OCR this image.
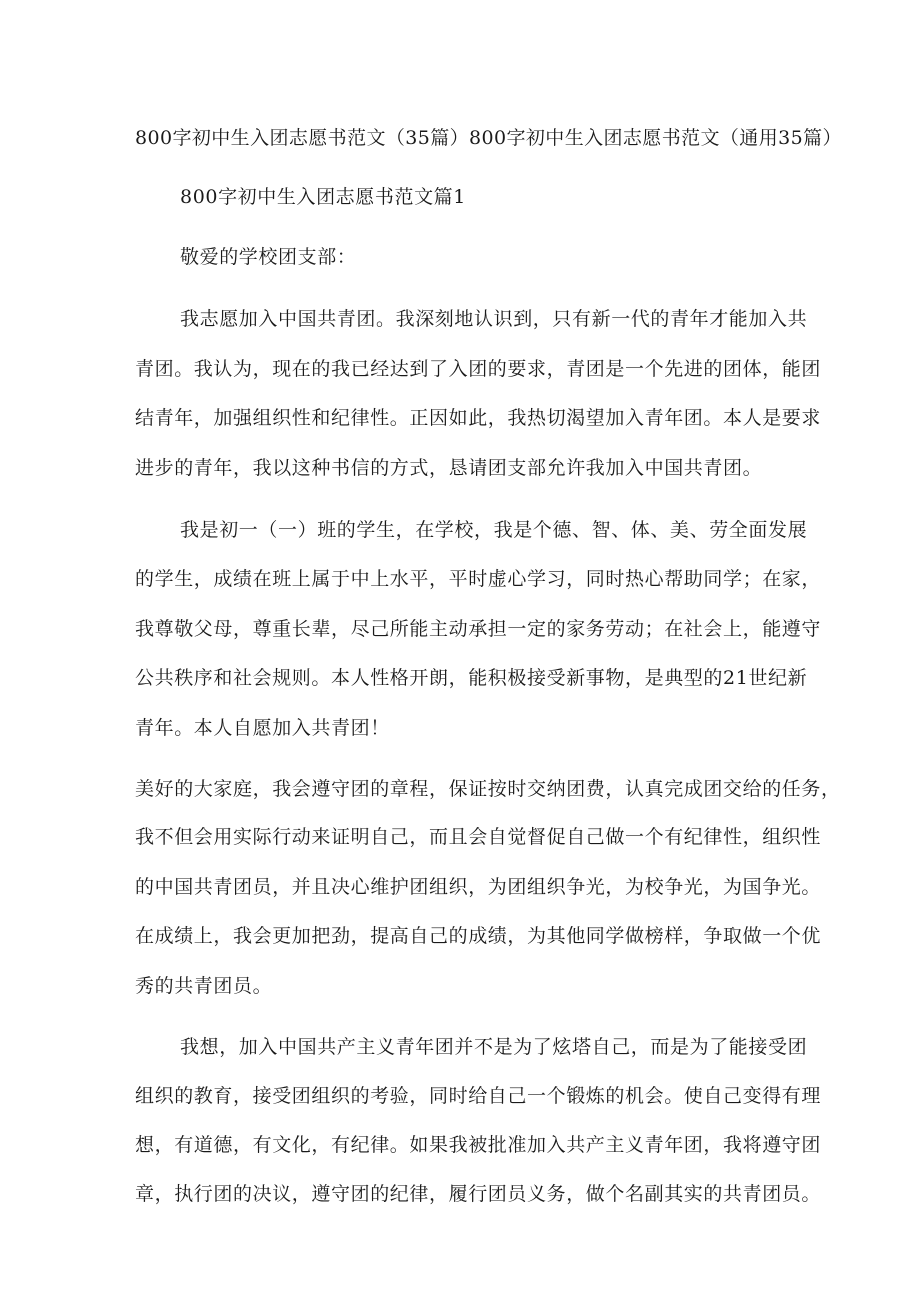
800字初中生入团志愿书范文（35篇）800字初中生入团志愿书范文（通用35篇）
800字初中生入团志愿书范文篇1
敬爱的学校团支部：
我志愿加入中国共青团。我深刻地认识到，只有新一代的青年才能加入共
青团。我认为，现在的我已经达到了入团的要求，青团是一个先进的团体，能团
结青年，加强组织性和纪律性。正因如此，我热切渴望加入青年团。本人是要求
进步的青年，我以这种书信的方式，恳请团支部允许我加入中国共青团。
我是初一（一）班的学生，在学校，我是个德、智、体、美、劳全面发展
的学生，成绩在班上属于中上水平，平时虚心学习，同时热心帮助同学；在家，
我尊敬父母，尊重长辈，尽己所能主动承担一定的家务劳动；在社会上，能遵守
公共秩序和社会规则。本人性格开朗，能积极接受新事物，是典型的21世纪新
青年。本人自愿加入共青团！
美好的大家庭，我会遵守团的章程，保证按时交纳团费，认真完成团交给的任务，
我不但会用实际行动来证明自己，而且会自觉督促自己做一个有纪律性，组织性
的中国共青团员，并且决心维护团组织，为团组织争光，为校争光，为国争光。
在成绩上，我会更加把劲，提高自己的成绩，为其他同学做榜样，争取做一个优
秀的共青团员。
我想，加入中国共产主义青年团并不是为了炫塔自己，而是为了能接受团
组织的教育，接受团组织的考验，同时给自己一个锻炼的机会。使自己变得有理
想，有道德，有文化，有纪律。如果我被批准加入共产主义青年团，我将遵守团
章，执行团的决议，遵守团的纪律，履行团员义务，做个名副其实的共青团员。
